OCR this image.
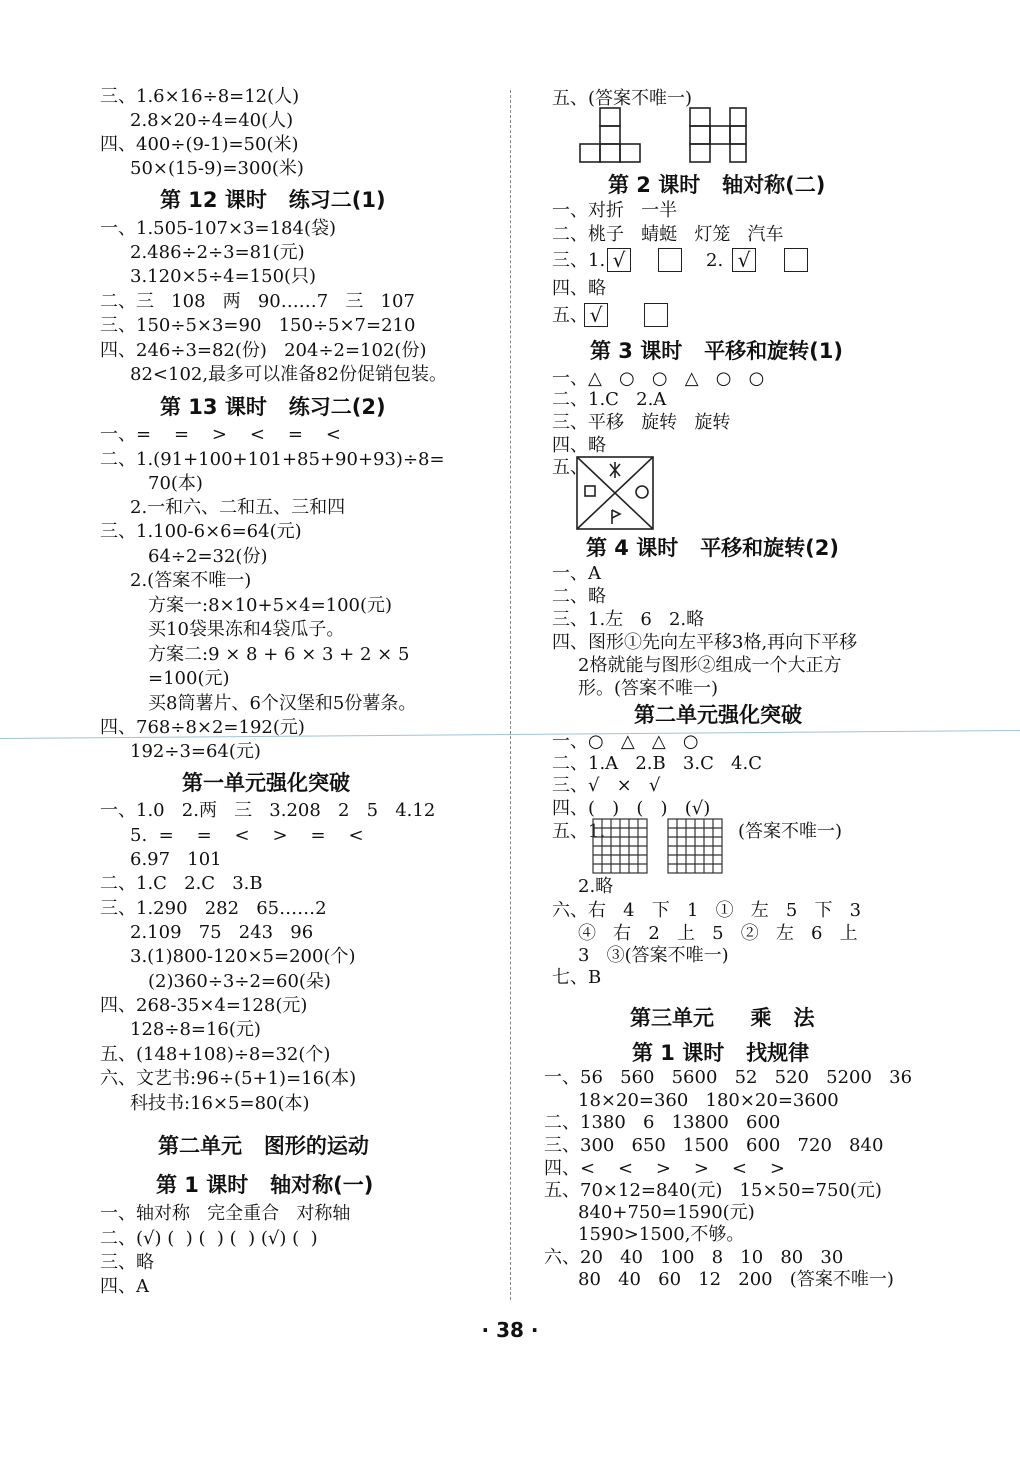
三、1.6×16÷8=12(人)
2.8×20÷4=40(人)
四、400÷(9-1)=50(米)
50×(15-9)=300(米)
一、1.505-107×3=184(袋)
2.486÷2÷3=81(元)
3.120×5÷4=150(只)
二、三   108   两   90……7   三   107
三、150÷5×3=90   150÷5×7=210
四、246÷3=82(份)   204÷2=102(份)
82<102,最多可以准备82份促销包装。
一、=    =    >    <    =    <
二、1.(91+100+101+85+90+93)÷8=
70(本)
2.一和六、二和五、三和四
三、1.100-6×6=64(元)
64÷2=32(份)
2.(答案不唯一)
方案一:8×10+5×4=100(元)
买10袋果冻和4袋瓜子。
方案二:9 × 8 + 6 × 3 + 2 × 5
=100(元)
买8筒薯片、6个汉堡和5份薯条。
四、768÷8×2=192(元)
192÷3=64(元)
一、1.0   2.两   三   3.208   2   5   4.12
5.  =    =    <    >    =    <
6.97   101
二、1.C   2.C   3.B
三、1.290   282   65……2
2.109   75   243   96
3.(1)800-120×5=200(个)
(2)360÷3÷2=60(朵)
四、268-35×4=128(元)
128÷8=16(元)
五、(148+108)÷8=32(个)
六、文艺书:96÷(5+1)=16(本)
科技书:16×5=80(本)
一、轴对称   完全重合   对称轴
二、(√) (  ) (  ) (  ) (√) (  )
三、略
四、A
第 12 课时   练习二(1)
第 13 课时   练习二(2)
第一单元强化突破
第二单元   图形的运动
第 1 课时   轴对称(一)
五、(答案不唯一)
一、对折   一半
二、桃子   蜻蜓   灯笼   汽车
三、1.	2.
四、略
五、
一、△   ○   ○   △   ○   ○
二、1.C   2.A
三、平移   旋转   旋转
四、略
五、
一、A
二、略
三、1.左   6   2.略
四、图形①先向左平移3格,再向下平移
2格就能与图形②组成一个大正方
形。(答案不唯一)
一、○   △   △   ○
二、1.A   2.B   3.C   4.C
三、√   ×   √
四、(   )   (   )   (√)
五、1.	(答案不唯一)
2.略
六、右   4   下   1   ①   左   5   下   3
④   右   2   上   5   ②   左   6   上
3   ③(答案不唯一)
七、B
一、56   560   5600   52   520   5200   36
18×20=360   180×20=3600
二、1380   6   13800   600
三、300   650   1500   600   720   840
四、<    <    >    >    <    >
五、70×12=840(元)   15×50=750(元)
840+750=1590(元)
1590>1500,不够。
六、20   40   100   8   10   80   30
80   40   60   12   200   (答案不唯一)
第 2 课时   轴对称(二)
第 3 课时   平移和旋转(1)
第 4 课时   平移和旋转(2)
第二单元强化突破
第三单元     乘   法
第 1 课时   找规律
√	√
√
· 38 ·
